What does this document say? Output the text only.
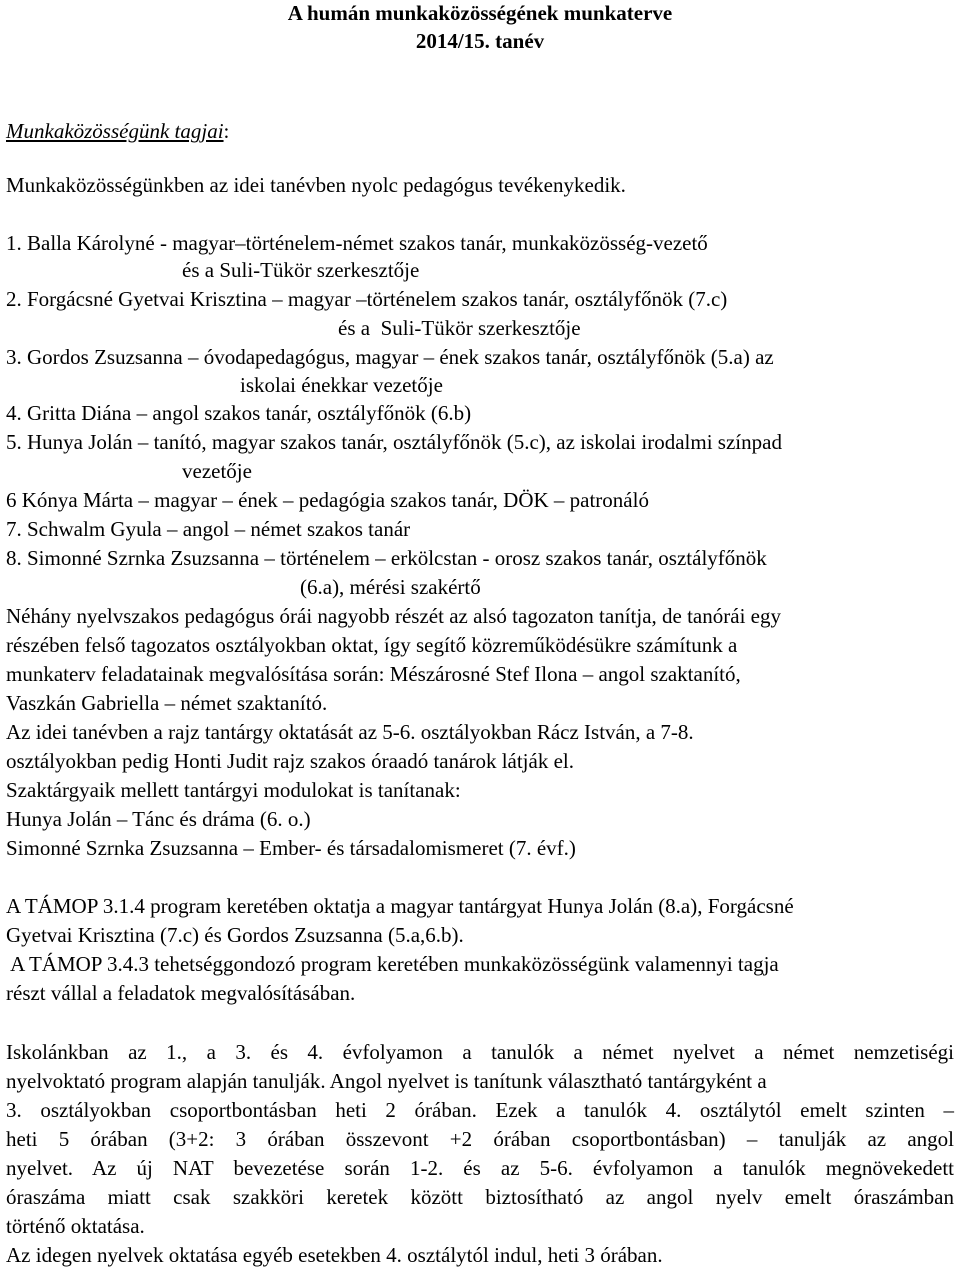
A humán munkaközösségének munkaterve
2014/15. tanév
Munkaközösségünk tagjai:
Munkaközösségünkben az idei tanévben nyolc pedagógus tevékenykedik.
1. Balla Károlyné - magyar–történelem-német szakos tanár, munkaközösség-vezető
és a Suli-Tükör szerkesztője
2. Forgácsné Gyetvai Krisztina – magyar –történelem szakos tanár, osztályfőnök (7.c)
és a  Suli-Tükör szerkesztője
3. Gordos Zsuzsanna – óvodapedagógus, magyar – ének szakos tanár, osztályfőnök (5.a) az
iskolai énekkar vezetője
4. Gritta Diána – angol szakos tanár, osztályfőnök (6.b)
5. Hunya Jolán – tanító, magyar szakos tanár, osztályfőnök (5.c), az iskolai irodalmi színpad
vezetője
6 Kónya Márta – magyar – ének – pedagógia szakos tanár, DÖK – patronáló
7. Schwalm Gyula – angol – német szakos tanár
8. Simonné Szrnka Zsuzsanna – történelem – erkölcstan - orosz szakos tanár, osztályfőnök
(6.a), mérési szakértő
Néhány nyelvszakos pedagógus órái nagyobb részét az alsó tagozaton tanítja, de tanórái egy
részében felső tagozatos osztályokban oktat, így segítő közreműködésükre számítunk a
munkaterv feladatainak megvalósítása során: Mészárosné Stef Ilona – angol szaktanító,
Vaszkán Gabriella – német szaktanító.
Az idei tanévben a rajz tantárgy oktatását az 5-6. osztályokban Rácz István, a 7-8.
osztályokban pedig Honti Judit rajz szakos óraadó tanárok látják el.
Szaktárgyaik mellett tantárgyi modulokat is tanítanak:
Hunya Jolán – Tánc és dráma (6. o.)
Simonné Szrnka Zsuzsanna – Ember- és társadalomismeret (7. évf.)
A TÁMOP 3.1.4 program keretében oktatja a magyar tantárgyat Hunya Jolán (8.a), Forgácsné
Gyetvai Krisztina (7.c) és Gordos Zsuzsanna (5.a,6.b).
A TÁMOP 3.4.3 tehetséggondozó program keretében munkaközösségünk valamennyi tagja
részt vállal a feladatok megvalósításában.
Iskolánkban az 1., a 3. és 4. évfolyamon a tanulók a német nyelvet a német nemzetiségi
nyelvoktató program alapján tanulják. Angol nyelvet is tanítunk választható tantárgyként a
3. osztályokban csoportbontásban heti 2 órában. Ezek a tanulók 4. osztálytól emelt szinten –
heti 5 órában (3+2: 3 órában összevont +2 órában csoportbontásban) – tanulják az angol
nyelvet. Az új NAT bevezetése során 1-2. és az 5-6. évfolyamon a tanulók megnövekedett
óraszáma miatt csak szakköri keretek között biztosítható az angol nyelv emelt óraszámban
történő oktatása.
Az idegen nyelvek oktatása egyéb esetekben 4. osztálytól indul, heti 3 órában.
